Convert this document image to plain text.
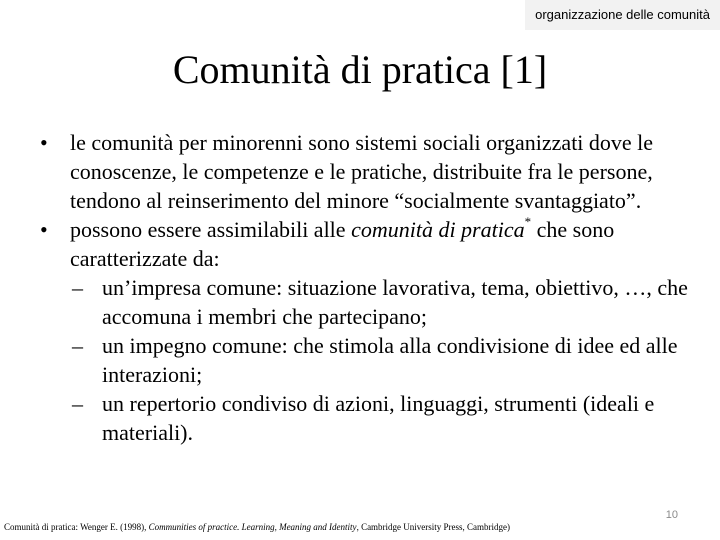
organizzazione delle comunità
Comunità di pratica [1]
le comunità per minorenni sono sistemi sociali organizzati dove le conoscenze, le competenze e le pratiche, distribuite fra le persone, tendono al reinserimento del minore “socialmente svantaggiato”.
possono essere assimilabili alle comunità di pratica* che sono caratterizzate da:
un’impresa comune: situazione lavorativa, tema, obiettivo, …, che accomuna i membri che partecipano;
un impegno comune: che stimola alla condivisione di idee ed alle interazioni;
un repertorio condiviso di azioni, linguaggi, strumenti (ideali e materiali).
10
Comunità di pratica: Wenger E. (1998), Communities of practice. Learning, Meaning and Identity, Cambridge University Press, Cambridge)
